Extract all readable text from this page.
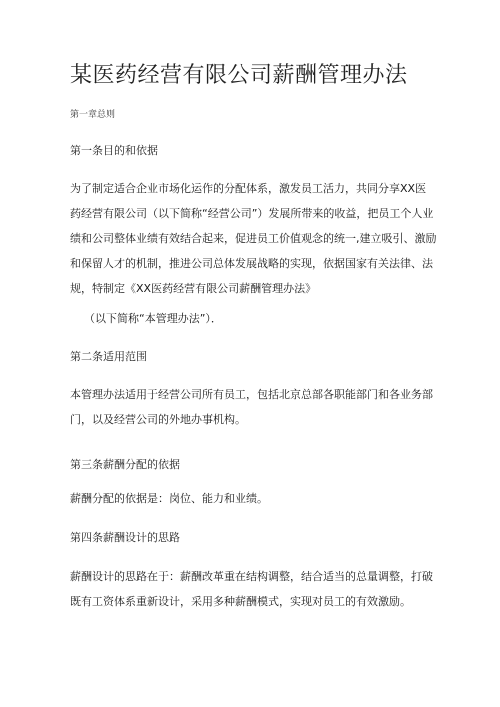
某医药经营有限公司薪酬管理办法
第一章总则
第一条目的和依据
为了制定适合企业市场化运作的分配体系，激发员工活力，共同分享XX医
药经营有限公司（以下简称“经营公司”）发展所带来的收益，把员工个人业
绩和公司整体业绩有效结合起来，促进员工价值观念的统一,建立吸引、激励
和保留人才的机制，推进公司总体发展战略的实现，依据国家有关法律、法
规，特制定《XX医药经营有限公司薪酬管理办法》
（以下简称“本管理办法”）．
第二条适用范围
本管理办法适用于经营公司所有员工，包括北京总部各职能部门和各业务部
门，以及经营公司的外地办事机构。
第三条薪酬分配的依据
薪酬分配的依据是：岗位、能力和业绩。
第四条薪酬设计的思路
薪酬设计的思路在于：薪酬改革重在结构调整，结合适当的总量调整，打破
既有工资体系重新设计，采用多种薪酬模式，实现对员工的有效激励。
